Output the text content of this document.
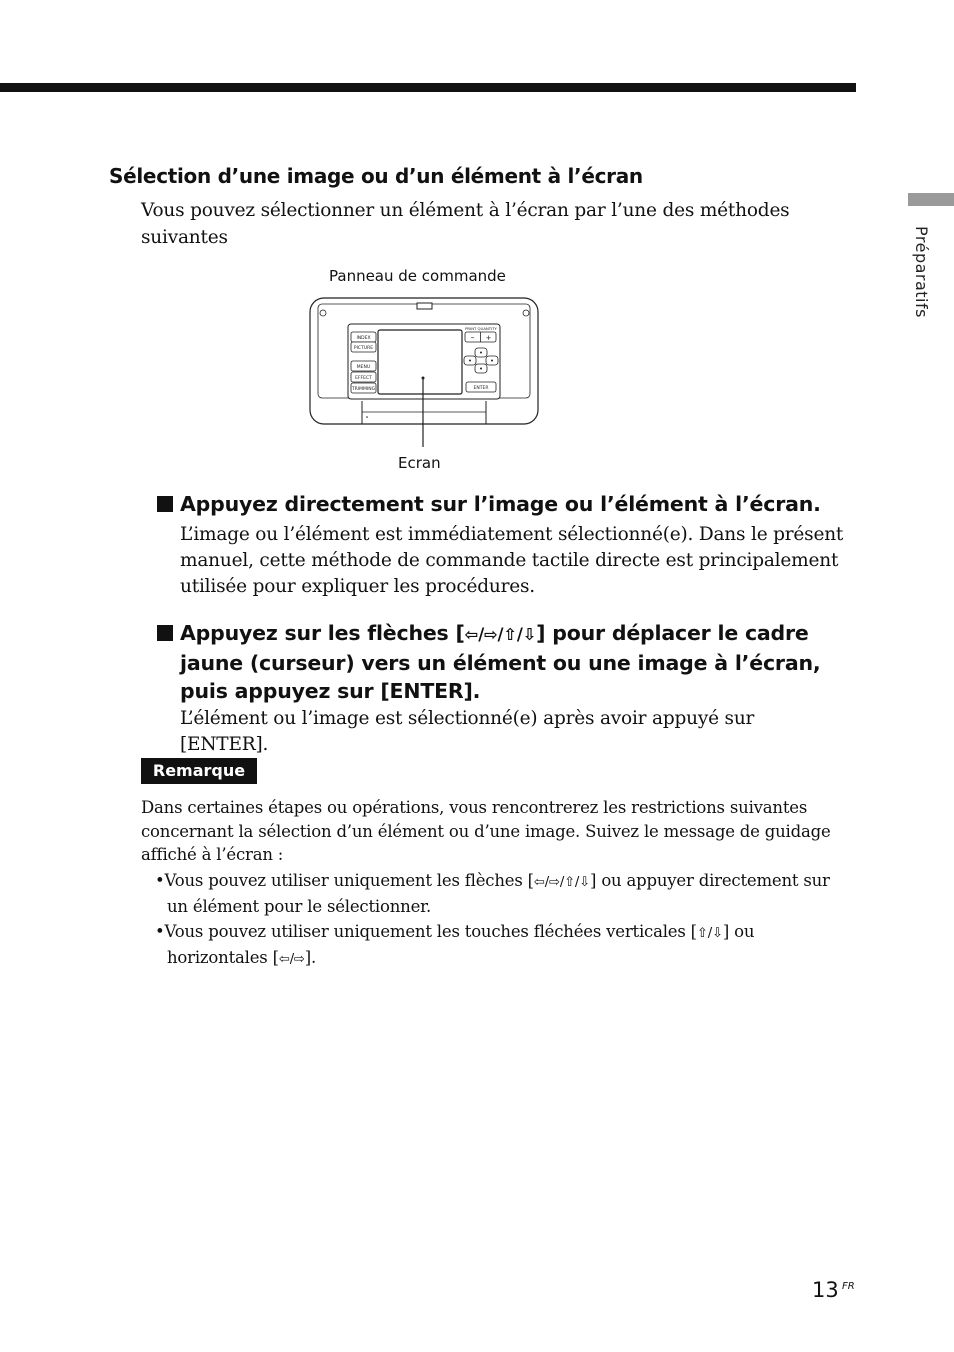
Préparatifs
Sélection d’une image ou d’un élément à l’écran

Vous pouvez sélectionner un élément à l’écran par l’une des méthodes suivantes

Panneau de commande
INDEX
PICTURE
MENU
EFFECT
TRIMMING
PRINT QUANTITY
– +
ENTER
Ecran
Appuyez directement sur l’image ou l’élément à l’écran.

L’image ou l’élément est immédiatement sélectionné(e). Dans le présent manuel, cette méthode de commande tactile directe est principalement utilisée pour expliquer les procédures.

Appuyez sur les flèches [⇦/⇨/⇧/⇩] pour déplacer le cadre jaune (curseur) vers un élément ou une image à l’écran, puis appuyez sur [ENTER].

L’élément ou l’image est sélectionné(e) après avoir appuyé sur [ENTER].

Remarque

Dans certaines étapes ou opérations, vous rencontrerez les restrictions suivantes concernant la sélection d’un élément ou d’une image. Suivez le message de guidage affiché à l’écran :

•Vous pouvez utiliser uniquement les flèches [⇦/⇨/⇧/⇩] ou appuyer directement sur un élément pour le sélectionner.

•Vous pouvez utiliser uniquement les touches fléchées verticales [⇧/⇩] ou horizontales [⇦/⇨].

13 FR
